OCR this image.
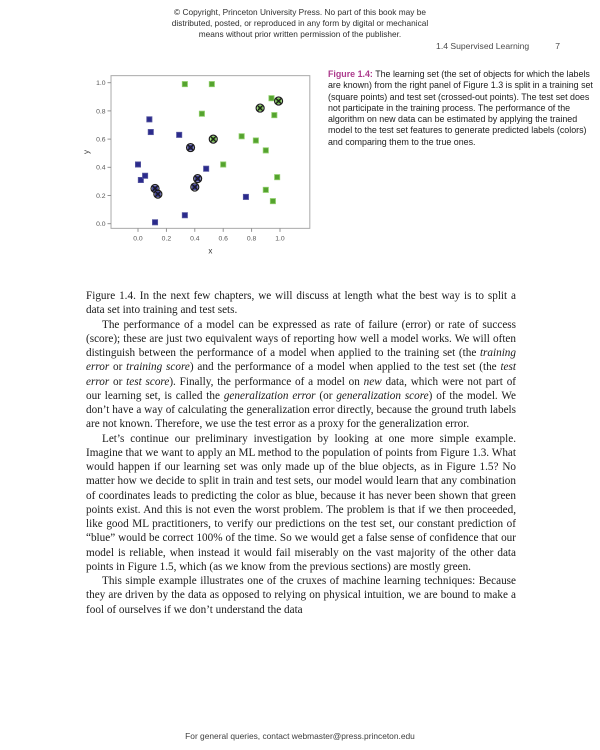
© Copyright, Princeton University Press. No part of this book may be
distributed, posted, or reproduced in any form by digital or mechanical
means without prior written permission of the publisher.
1.4 Supervised Learning	7
0.0	0.2	0.4	0.6	0.8	1.0
0.0
0.2
0.4
0.6
0.8
1.0
x
y
Figure 1.4: The learning set (the set of objects for which the labels are known) from the right panel of Figure 1.3 is split in a training set (square points) and test set (crossed-out points). The test set does not participate in the training process. The performance of the algorithm on new data can be estimated by applying the trained model to the test set features to generate predicted labels (colors) and comparing them to the true ones.

Figure 1.4. In the next few chapters, we will discuss at length what the best way is to split a data set into training and test sets.

The performance of a model can be expressed as rate of failure (error) or rate of success (score); these are just two equivalent ways of reporting how well a model works. We will often distinguish between the performance of a model when applied to the training set (the training error or training score) and the performance of a model when applied to the test set (the test error or test score). Finally, the performance of a model on new data, which were not part of our learning set, is called the generalization error (or generalization score) of the model. We don’t have a way of calculating the generalization error directly, because the ground truth labels are not known. Therefore, we use the test error as a proxy for the generalization error.

Let’s continue our preliminary investigation by looking at one more simple example. Imagine that we want to apply an ML method to the population of points from Figure 1.3. What would happen if our learning set was only made up of the blue objects, as in Figure 1.5? No matter how we decide to split in train and test sets, our model would learn that any combination of coordinates leads to predicting the color as blue, because it has never been shown that green points exist. And this is not even the worst problem. The problem is that if we then proceeded, like good ML practitioners, to verify our predictions on the test set, our constant prediction of “blue” would be correct 100% of the time. So we would get a false sense of confidence that our model is reliable, when instead it would fail miserably on the vast majority of the other data points in Figure 1.5, which (as we know from the previous sections) are mostly green.

This simple example illustrates one of the cruxes of machine learning techniques: Because they are driven by the data as opposed to relying on physical intuition, we are bound to make a fool of ourselves if we don’t understand the data

For general queries, contact webmaster@press.princeton.edu
